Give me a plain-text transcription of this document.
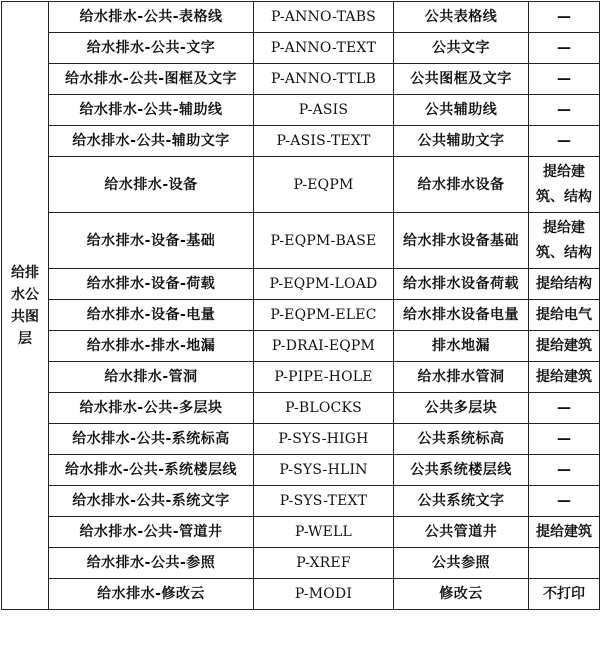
给排水公共图层	给水排水-公共-表格线	P-ANNO-TABS	公共表格线	—
	给水排水-公共-文字	P-ANNO-TEXT	公共文字	—
	给水排水-公共-图框及文字	P-ANNO-TTLB	公共图框及文字	—
	给水排水-公共-辅助线	P-ASIS	公共辅助线	—
	给水排水-公共-辅助文字	P-ASIS-TEXT	公共辅助文字	—
	给水排水-设备	P-EQPM	给水排水设备	提给建筑、结构
	给水排水-设备-基础	P-EQPM-BASE	给水排水设备基础	提给建筑、结构
	给水排水-设备-荷载	P-EQPM-LOAD	给水排水设备荷载	提给结构
	给水排水-设备-电量	P-EQPM-ELEC	给水排水设备电量	提给电气
	给水排水-排水-地漏	P-DRAI-EQPM	排水地漏	提给建筑
	给水排水-管洞	P-PIPE-HOLE	给水排水管洞	提给建筑
	给水排水-公共-多层块	P-BLOCKS	公共多层块	—
	给水排水-公共-系统标高	P-SYS-HIGH	公共系统标高	—
	给水排水-公共-系统楼层线	P-SYS-HLIN	公共系统楼层线	—
	给水排水-公共-系统文字	P-SYS-TEXT	公共系统文字	—
	给水排水-公共-管道井	P-WELL	公共管道井	提给建筑
	给水排水-公共-参照	P-XREF	公共参照	
	给水排水-修改云	P-MODI	修改云	不打印
